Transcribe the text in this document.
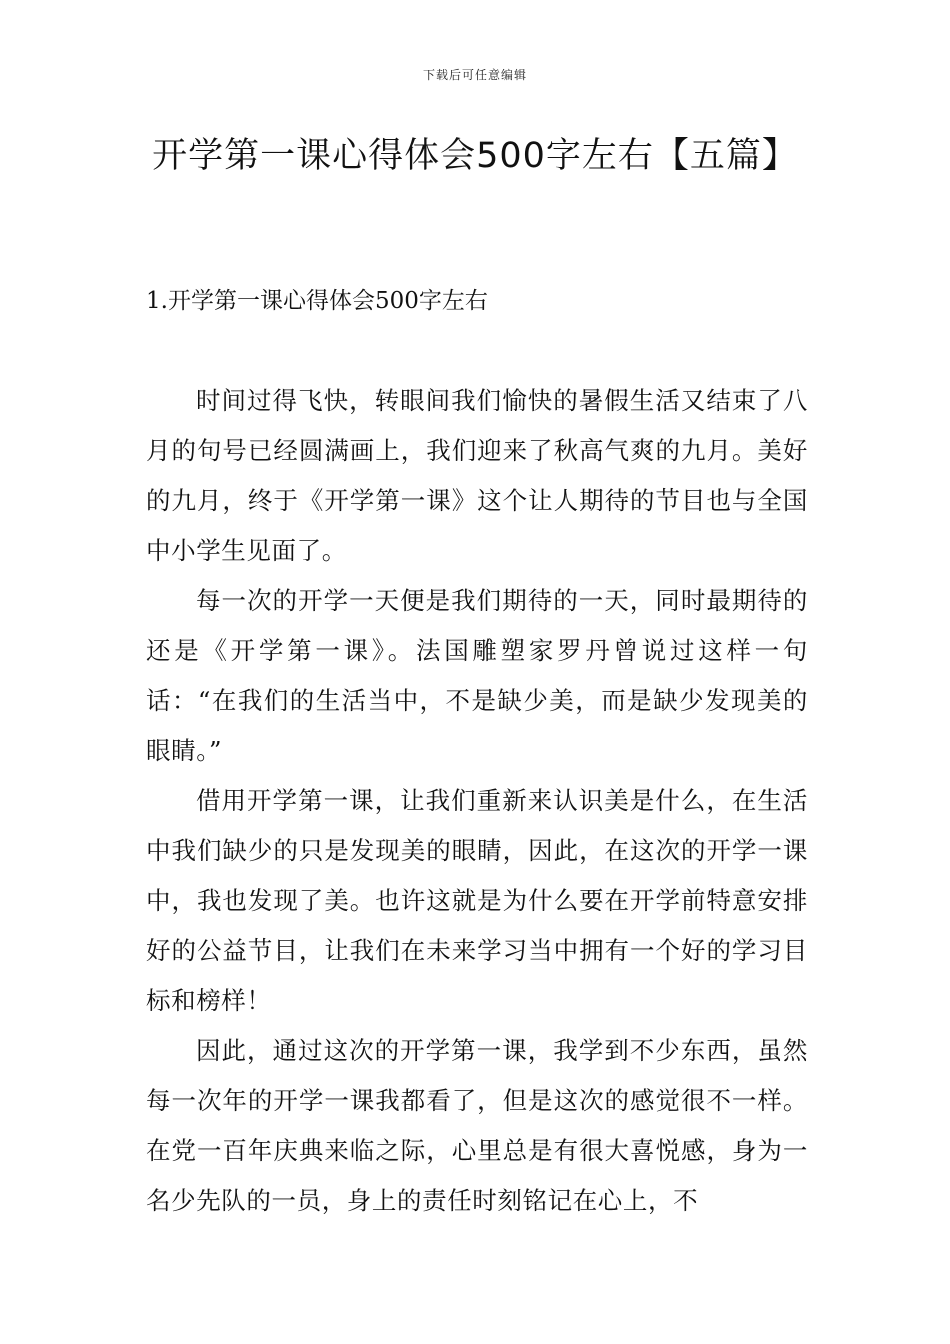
下载后可任意编辑
开学第一课心得体会500字左右【五篇】
1.开学第一课心得体会500字左右

时间过得飞快，转眼间我们愉快的暑假生活又结束了八月的句号已经圆满画上，我们迎来了秋高气爽的九月。美好的九月，终于《开学第一课》这个让人期待的节目也与全国中小学生见面了。

每一次的开学一天便是我们期待的一天，同时最期待的还是《开学第一课》。法国雕塑家罗丹曾说过这样一句话：“在我们的生活当中，不是缺少美，而是缺少发现美的眼睛。”

借用开学第一课，让我们重新来认识美是什么，在生活中我们缺少的只是发现美的眼睛，因此，在这次的开学一课中，我也发现了美。也许这就是为什么要在开学前特意安排好的公益节目，让我们在未来学习当中拥有一个好的学习目标和榜样！

因此，通过这次的开学第一课，我学到不少东西，虽然每一次年的开学一课我都看了，但是这次的感觉很不一样。在党一百年庆典来临之际，心里总是有很大喜悦感，身为一名少先队的一员，身上的责任时刻铭记在心上，不
